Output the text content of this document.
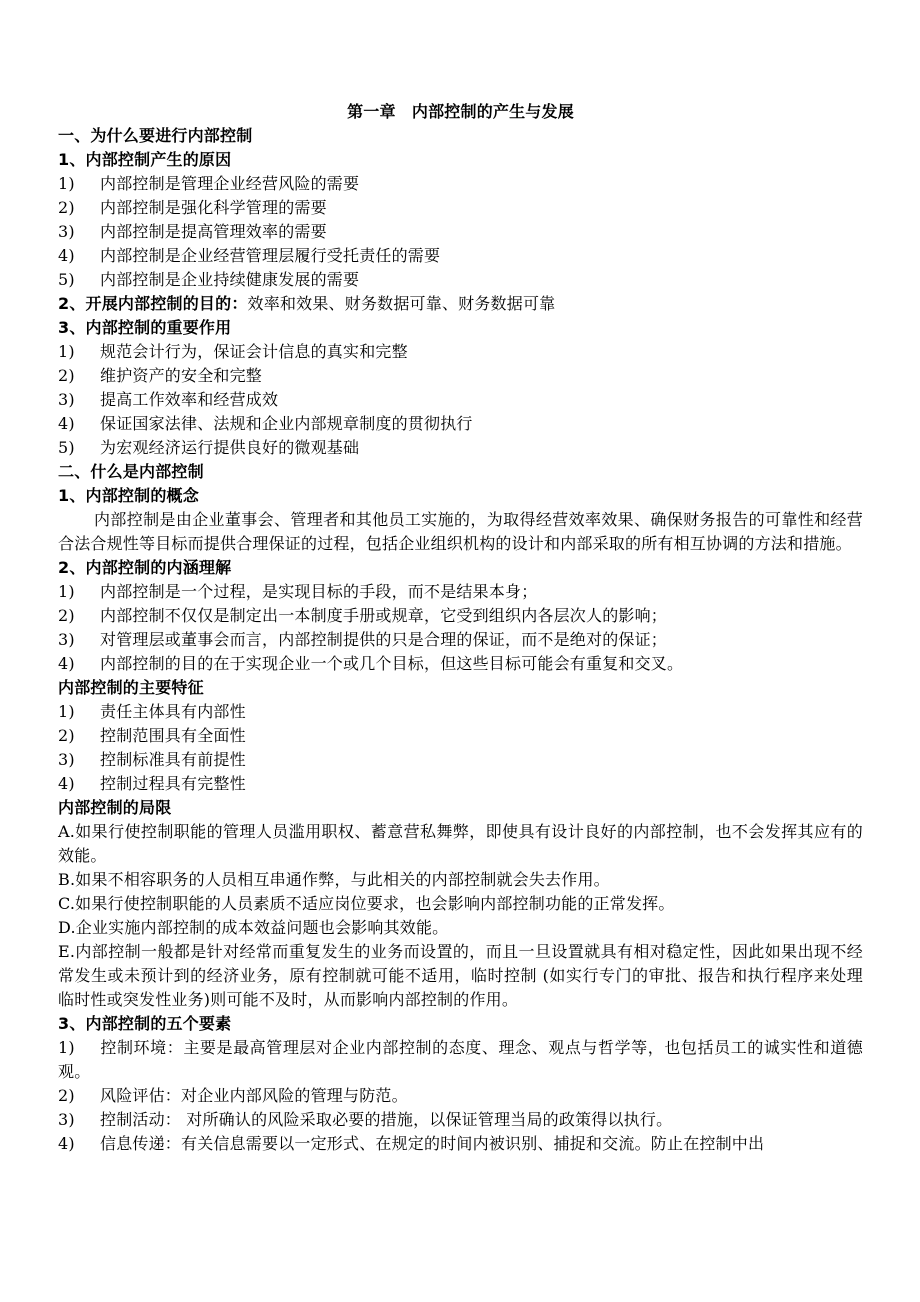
第一章　内部控制的产生与发展
一、为什么要进行内部控制
1、内部控制产生的原因
1)	内部控制是管理企业经营风险的需要
2)	内部控制是强化科学管理的需要
3)	内部控制是提高管理效率的需要
4)	内部控制是企业经营管理层履行受托责任的需要
5)	内部控制是企业持续健康发展的需要
2、开展内部控制的目的：效率和效果、财务数据可靠、财务数据可靠
3、内部控制的重要作用
1)	规范会计行为，保证会计信息的真实和完整
2)	维护资产的安全和完整
3)	提高工作效率和经营成效
4)	保证国家法律、法规和企业内部规章制度的贯彻执行
5)	为宏观经济运行提供良好的微观基础
二、什么是内部控制
1、内部控制的概念
内部控制是由企业董事会、管理者和其他员工实施的，为取得经营效率效果、确保财务报告的可靠性和经营合法合规性等目标而提供合理保证的过程，包括企业组织机构的设计和内部采取的所有相互协调的方法和措施。
2、内部控制的内涵理解
1)	内部控制是一个过程，是实现目标的手段，而不是结果本身；
2)	内部控制不仅仅是制定出一本制度手册或规章，它受到组织内各层次人的影响；
3)	对管理层或董事会而言，内部控制提供的只是合理的保证，而不是绝对的保证；
4)	内部控制的目的在于实现企业一个或几个目标，但这些目标可能会有重复和交叉。
内部控制的主要特征
1)	责任主体具有内部性
2)	控制范围具有全面性
3)	控制标准具有前提性
4)	控制过程具有完整性
内部控制的局限
A.如果行使控制职能的管理人员滥用职权、蓄意营私舞弊，即使具有设计良好的内部控制，也不会发挥其应有的效能。
B.如果不相容职务的人员相互串通作弊，与此相关的内部控制就会失去作用。
C.如果行使控制职能的人员素质不适应岗位要求，也会影响内部控制功能的正常发挥。
D.企业实施内部控制的成本效益问题也会影响其效能。
E.内部控制一般都是针对经常而重复发生的业务而设置的，而且一旦设置就具有相对稳定性，因此如果出现不经常发生或未预计到的经济业务，原有控制就可能不适用，临时控制 (如实行专门的审批、报告和执行程序来处理临时性或突发性业务)则可能不及时，从而影响内部控制的作用。
3、内部控制的五个要素
1) 控制环境：主要是最高管理层对企业内部控制的态度、理念、观点与哲学等，也包括员工的诚实性和道德观。
2)	风险评估：对企业内部风险的管理与防范。
3)	控制活动： 对所确认的风险采取必要的措施，以保证管理当局的政策得以执行。
4)	信息传递：有关信息需要以一定形式、在规定的时间内被识别、捕捉和交流。防止在控制中出
